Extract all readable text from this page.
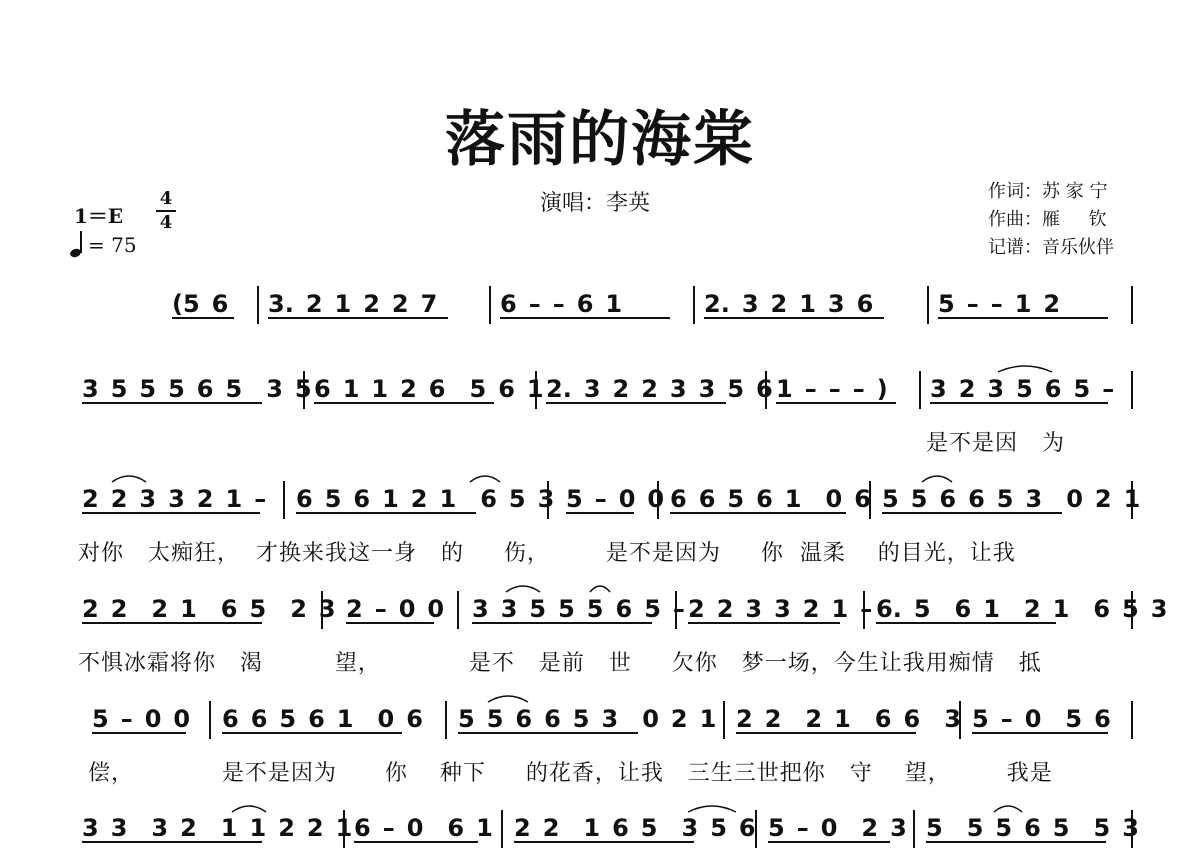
落雨的海棠
演唱：李英	作词：苏 家 宁
作曲：雁     钦
记谱：音乐伙伴
1＝E
4
4
= 75
(5 6 3. 2 1 2 2 7	6 – – 6 1	2. 3 2 1 3 6	5 – – 1 2
3 5 5 5 6 5  3 5 6 1 1 2 6  5 6 1 2. 3 2 2 3 3 5 6 1 – – – ) 3 2 3 5 6 5 –
2 2 3 3 2 1 – 6 5 6 1 2 1  6 5 3 5 – 0 0 6 6 5 6 1  0 6 5 5 6 6 5 3  0 2 1
2 2  2 1  6 5  2 3 2 – 0 0 3 3 5 5 5 6 5 – 2 2 3 3 2 1 – 6. 5  6 1  2 1  6 5 3
5 – 0 0 6 6 5 6 1  0 6 5 5 6 6 5 3  0 2 1 2 2  2 1  6 6  3 5 – 0  5 6
3 3  3 2  1 1 2 2 1 6 – 0  6 1 2 2  1 6 5  3 5 6 5 – 0  2 3 5  5 5 6 5  5 3
是不是因   为
对你   太痴狂，  才换来我这一身   的     伤，       是不是因为     你  温柔    的目光，让我
不惧冰霜将你   渴         望，           是不   是前   世     欠你   梦一场，今生让我用痴情   抵
偿，           是不是因为      你    种下     的花香，让我   三生三世把你   守    望，       我是
